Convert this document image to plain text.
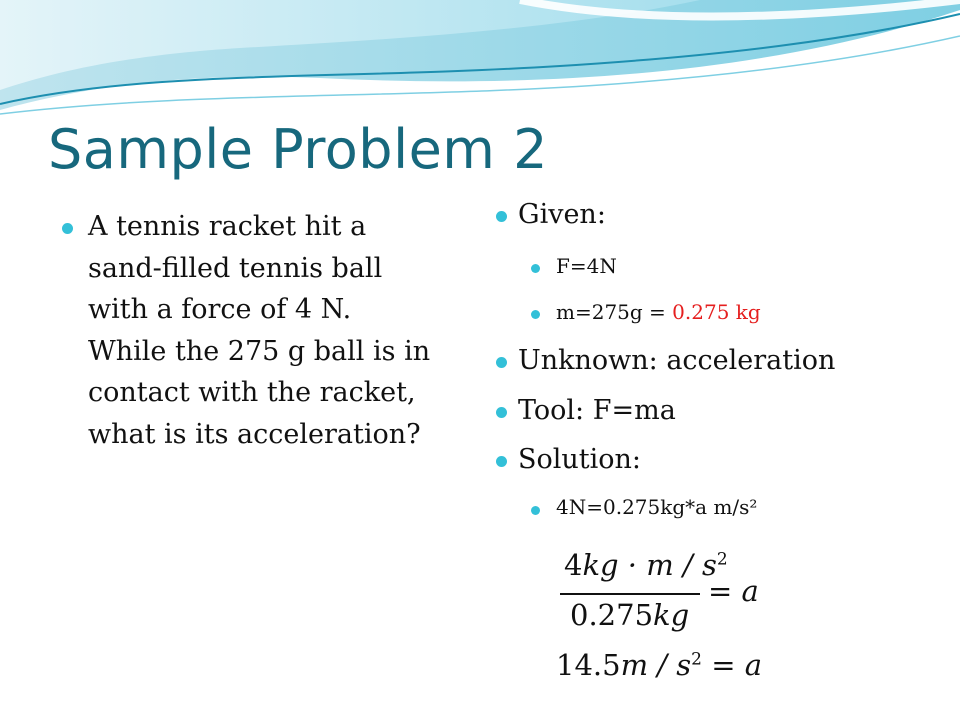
Sample Problem 2
A tennis racket hit a
sand-filled tennis ball
with a force of 4 N.
While the 275 g ball is in
contact with the racket,
what is its acceleration?
Given:
F=4N
m=275g = 0.275 kg
Unknown: acceleration
Tool: F=ma
Solution:
4N=0.275kg*a m/s²
$4kg \cdot m / s^2$
0.275kg
= a
$14.5m / s^2 = a$
